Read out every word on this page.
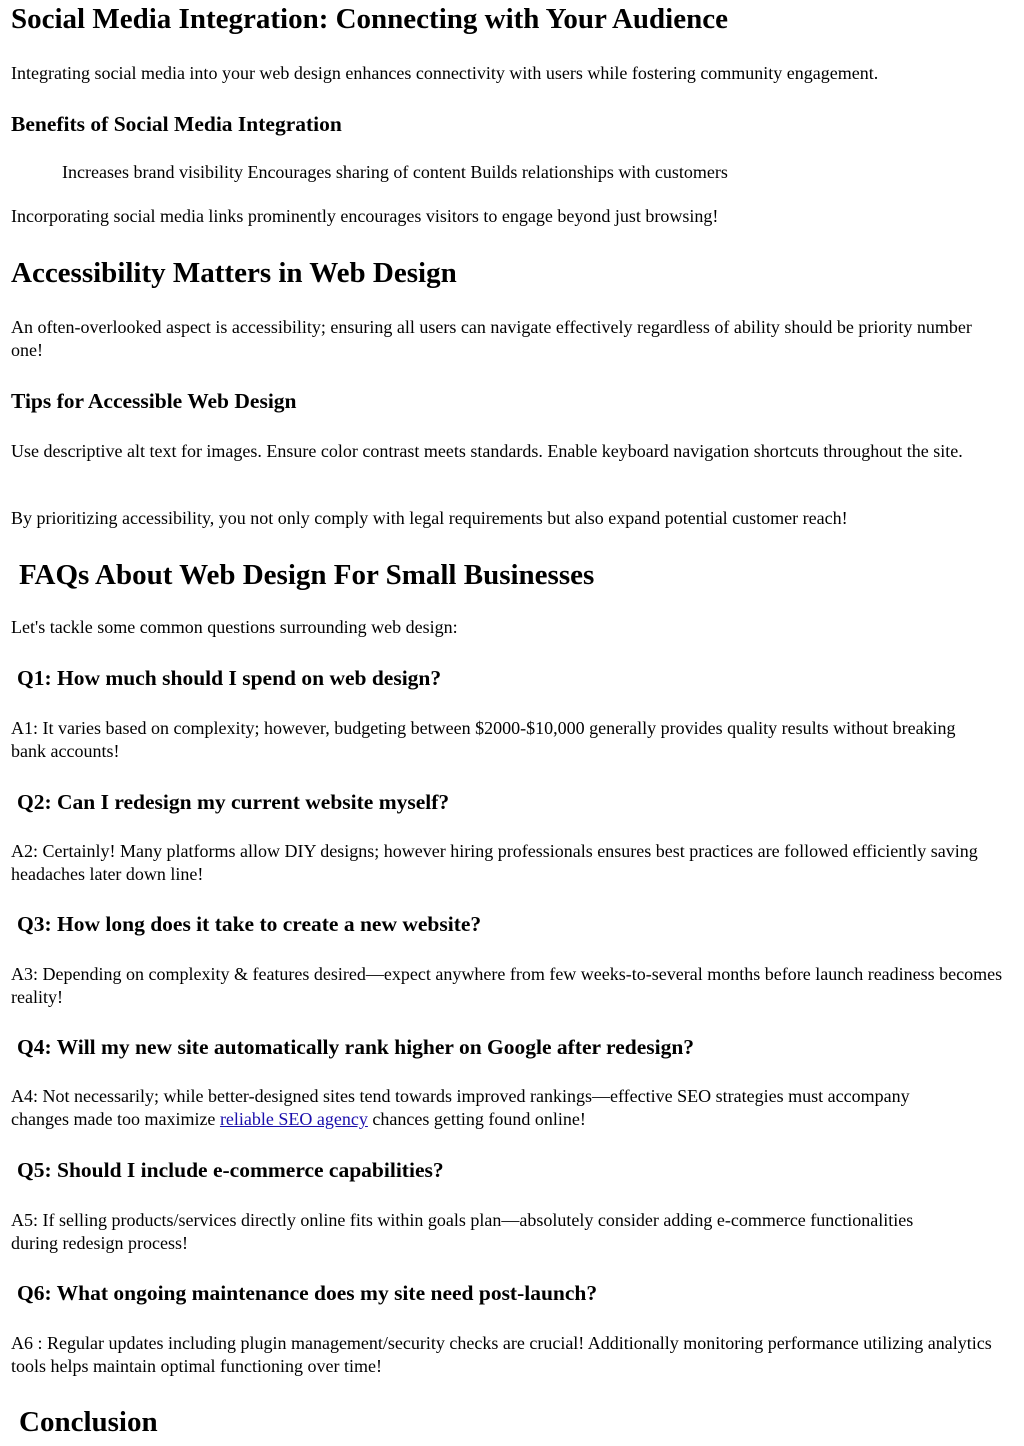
Social Media Integration: Connecting with Your Audience

Integrating social media into your web design enhances connectivity with users while fostering community engagement.

Benefits of Social Media Integration

Increases brand visibility Encourages sharing of content Builds relationships with customers

Incorporating social media links prominently encourages visitors to engage beyond just browsing!

Accessibility Matters in Web Design

An often-overlooked aspect is accessibility; ensuring all users can navigate effectively regardless of ability should be priority number one!

Tips for Accessible Web Design

Use descriptive alt text for images. Ensure color contrast meets standards. Enable keyboard navigation shortcuts throughout the site.

By prioritizing accessibility, you not only comply with legal requirements but also expand potential customer reach!

FAQs About Web Design For Small Businesses

Let's tackle some common questions surrounding web design:

Q1: How much should I spend on web design?

A1: It varies based on complexity; however, budgeting between $2000-$10,000 generally provides quality results without breaking bank accounts!

Q2: Can I redesign my current website myself?

A2: Certainly! Many platforms allow DIY designs; however hiring professionals ensures best practices are followed efficiently saving headaches later down line!

Q3: How long does it take to create a new website?

A3: Depending on complexity & features desired—expect anywhere from few weeks-to-several months before launch readiness becomes reality!

Q4: Will my new site automatically rank higher on Google after redesign?

A4: Not necessarily; while better-designed sites tend towards improved rankings—effective SEO strategies must accompany changes made too maximize reliable SEO agency chances getting found online!

Q5: Should I include e-commerce capabilities?

A5: If selling products/services directly online fits within goals plan—absolutely consider adding e-commerce functionalities during redesign process!

Q6: What ongoing maintenance does my site need post-launch?

A6 : Regular updates including plugin management/security checks are crucial! Additionally monitoring performance utilizing analytics tools helps maintain optimal functioning over time!

Conclusion
